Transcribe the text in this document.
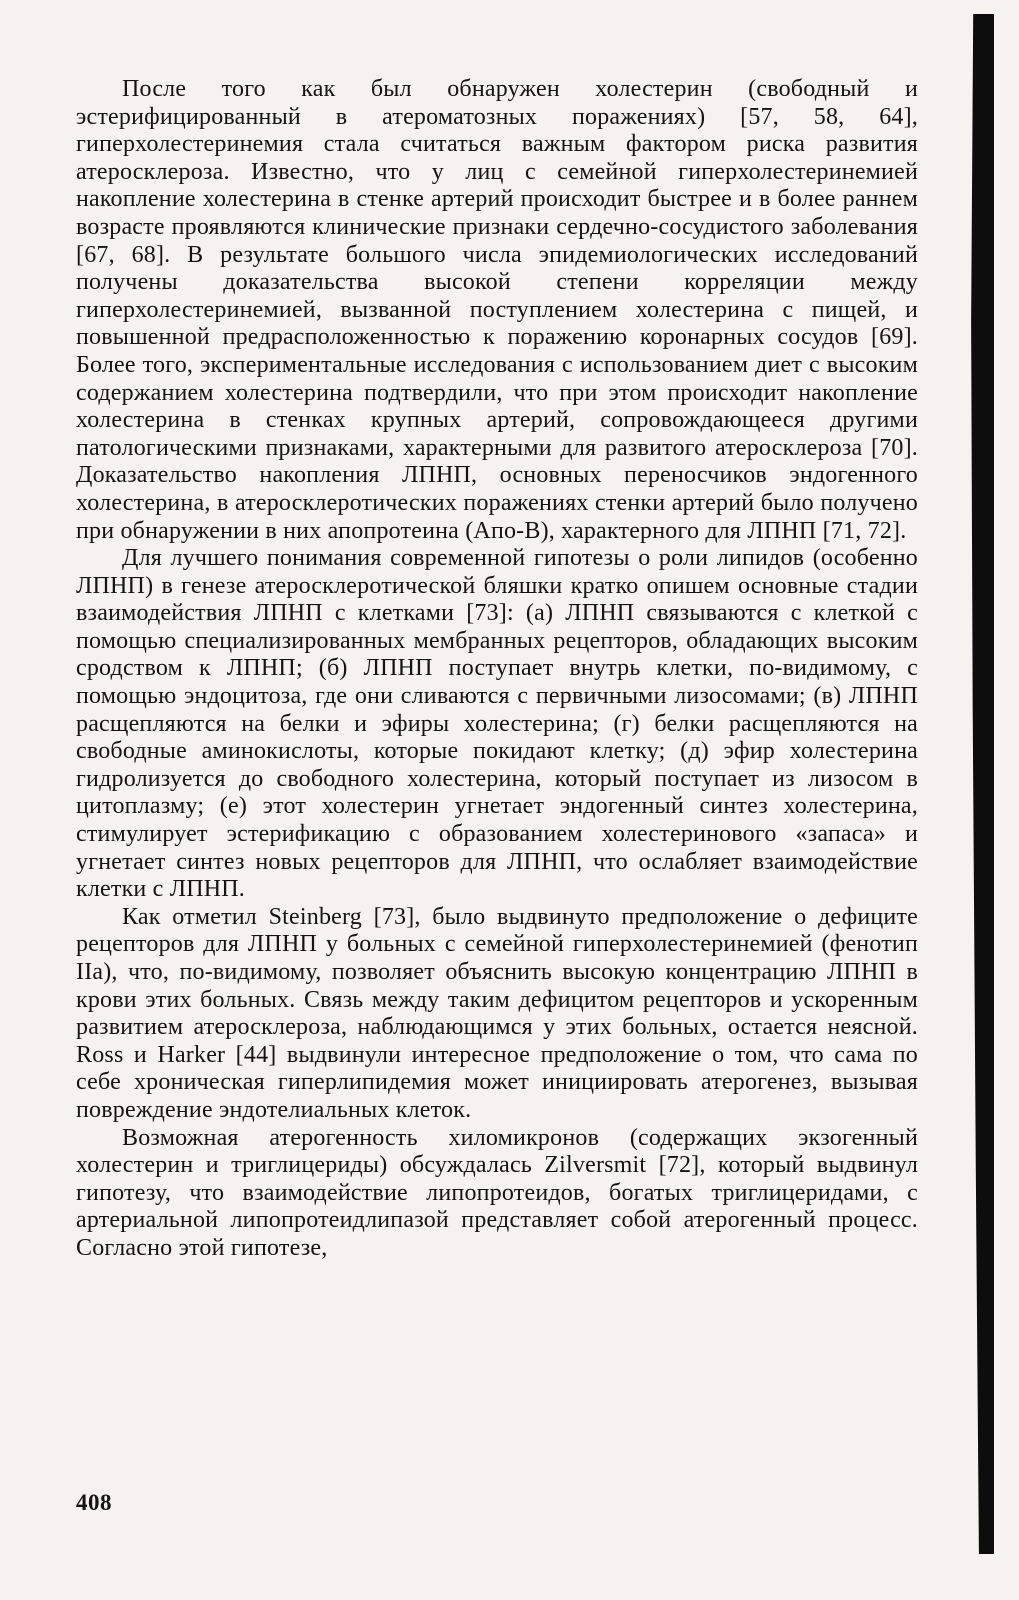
После того как был обнаружен холестерин (свободный и эстерифицированный в атероматозных поражениях) [57, 58, 64], гиперхолестеринемия стала считаться важным фактором риска развития атеросклероза. Известно, что у лиц с семейной гиперхолестеринемией накопление холестерина в стенке артерий происходит быстрее и в более раннем возрасте проявляются клинические признаки сердечно-сосудистого заболевания [67, 68]. В результате большого числа эпидемиологических исследований получены доказательства высокой степени корреляции между гиперхолестеринемией, вызванной поступлением холестерина с пищей, и повышенной предрасположенностью к поражению коронарных сосудов [69]. Более того, экспериментальные исследования с использованием диет с высоким содержанием холестерина подтвердили, что при этом происходит накопление холестерина в стенках крупных артерий, сопровождающееся другими патологическими признаками, характерными для развитого атеросклероза [70]. Доказательство накопления ЛПНП, основных переносчиков эндогенного холестерина, в атеросклеротических поражениях стенки артерий было получено при обнаружении в них апопротеина (Апо-В), характерного для ЛПНП [71, 72].

Для лучшего понимания современной гипотезы о роли липидов (особенно ЛПНП) в генезе атеросклеротической бляшки кратко опишем основные стадии взаимодействия ЛПНП с клетками [73]: (а) ЛПНП связываются с клеткой с помощью специализированных мембранных рецепторов, обладающих высоким сродством к ЛПНП; (б) ЛПНП поступает внутрь клетки, по-видимому, с помощью эндоцитоза, где они сливаются с первичными лизосомами; (в) ЛПНП расщепляются на белки и эфиры холестерина; (г) белки расщепляются на свободные аминокислоты, которые покидают клетку; (д) эфир холестерина гидролизуется до свободного холестерина, который поступает из лизосом в цитоплазму; (е) этот холестерин угнетает эндогенный синтез холестерина, стимулирует эстерификацию с образованием холестеринового «запаса» и угнетает синтез новых рецепторов для ЛПНП, что ослабляет взаимодействие клетки с ЛПНП.

Как отметил Steinberg [73], было выдвинуто предположение о дефиците рецепторов для ЛПНП у больных с семейной гиперхолестеринемией (фенотип IIа), что, по-видимому, позволяет объяснить высокую концентрацию ЛПНП в крови этих больных. Связь между таким дефицитом рецепторов и ускоренным развитием атеросклероза, наблюдающимся у этих больных, остается неясной. Ross и Harker [44] выдвинули интересное предположение о том, что сама по себе хроническая гиперлипидемия может инициировать атерогенез, вызывая повреждение эндотелиальных клеток.

Возможная атерогенность хиломикронов (содержащих экзогенный холестерин и триглицериды) обсуждалась Zilversmit [72], который выдвинул гипотезу, что взаимодействие липопротеидов, богатых триглицеридами, с артериальной липопротеидлипазой представляет собой атерогенный процесс. Согласно этой гипотезе,

408
